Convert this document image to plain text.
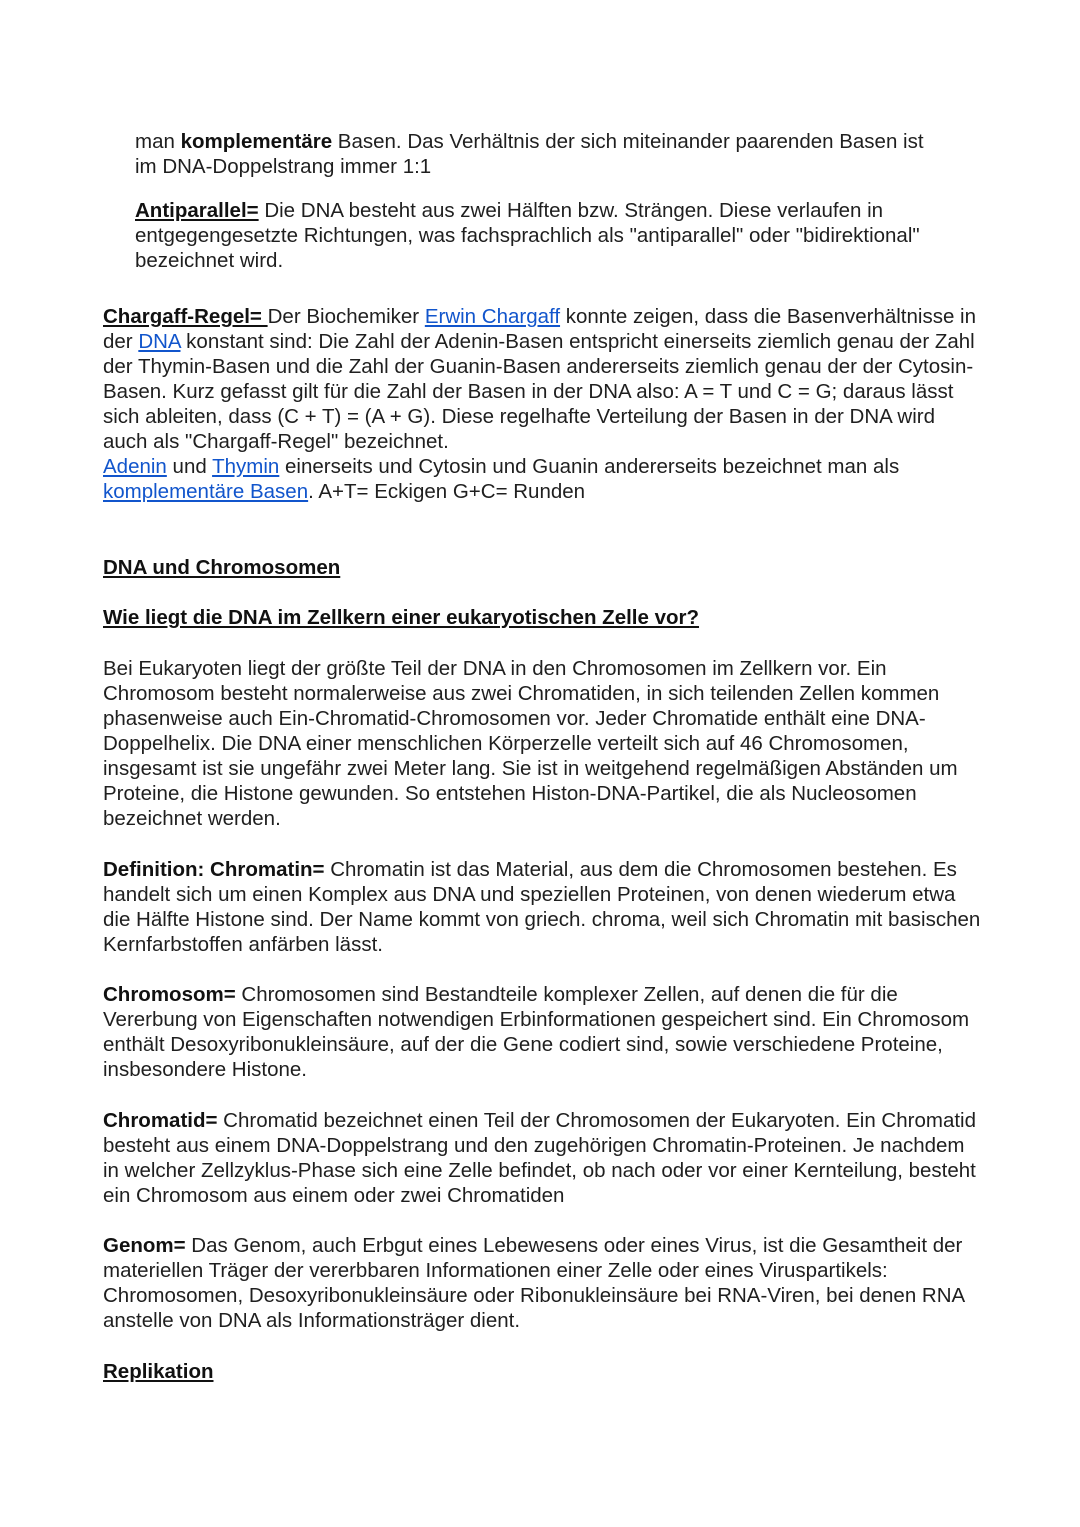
man komplementäre Basen. Das Verhältnis der sich miteinander paarenden Basen ist

im DNA-Doppelstrang immer 1:1

Antiparallel= Die DNA besteht aus zwei Hälften bzw. Strängen. Diese verlaufen in entgegengesetzte Richtungen, was fachsprachlich als "antiparallel" oder "bidirektional" bezeichnet wird.

Chargaff-Regel= Der Biochemiker Erwin Chargaff konnte zeigen, dass die Basenverhältnisse in der DNA konstant sind: Die Zahl der Adenin-Basen entspricht einerseits ziemlich genau der Zahl der Thymin-Basen und die Zahl der Guanin-Basen andererseits ziemlich genau der der Cytosin-Basen. Kurz gefasst gilt für die Zahl der Basen in der DNA also: A = T und C = G; daraus lässt sich ableiten, dass (C + T) = (A + G). Diese regelhafte Verteilung der Basen in der DNA wird auch als "Chargaff-Regel" bezeichnet.

Adenin und Thymin einerseits und Cytosin und Guanin andererseits bezeichnet man als komplementäre Basen. A+T= Eckigen G+C= Runden

DNA und Chromosomen

Wie liegt die DNA im Zellkern einer eukaryotischen Zelle vor?

Bei Eukaryoten liegt der größte Teil der DNA in den Chromosomen im Zellkern vor. Ein Chromosom besteht normalerweise aus zwei Chromatiden, in sich teilenden Zellen kommen phasenweise auch Ein-Chromatid-Chromosomen vor. Jeder Chromatide enthält eine DNA-Doppelhelix. Die DNA einer menschlichen Körperzelle verteilt sich auf 46 Chromosomen, insgesamt ist sie ungefähr zwei Meter lang. Sie ist in weitgehend regelmäßigen Abständen um Proteine, die Histone gewunden. So entstehen Histon-DNA-Partikel, die als Nucleosomen bezeichnet werden.

Definition: Chromatin= Chromatin ist das Material, aus dem die Chromosomen bestehen. Es handelt sich um einen Komplex aus DNA und speziellen Proteinen, von denen wiederum etwa die Hälfte Histone sind. Der Name kommt von griech. chroma, weil sich Chromatin mit basischen Kernfarbstoffen anfärben lässt.

Chromosom= Chromosomen sind Bestandteile komplexer Zellen, auf denen die für die Vererbung von Eigenschaften notwendigen Erbinformationen gespeichert sind. Ein Chromosom enthält Desoxyribonukleinsäure, auf der die Gene codiert sind, sowie verschiedene Proteine, insbesondere Histone.

Chromatid= Chromatid bezeichnet einen Teil der Chromosomen der Eukaryoten. Ein Chromatid besteht aus einem DNA-Doppelstrang und den zugehörigen Chromatin-Proteinen. Je nachdem in welcher Zellzyklus-Phase sich eine Zelle befindet, ob nach oder vor einer Kernteilung, besteht ein Chromosom aus einem oder zwei Chromatiden

Genom= Das Genom, auch Erbgut eines Lebewesens oder eines Virus, ist die Gesamtheit der materiellen Träger der vererbbaren Informationen einer Zelle oder eines Viruspartikels: Chromosomen, Desoxyribonukleinsäure oder Ribonukleinsäure bei RNA-Viren, bei denen RNA anstelle von DNA als Informationsträger dient.

Replikation
